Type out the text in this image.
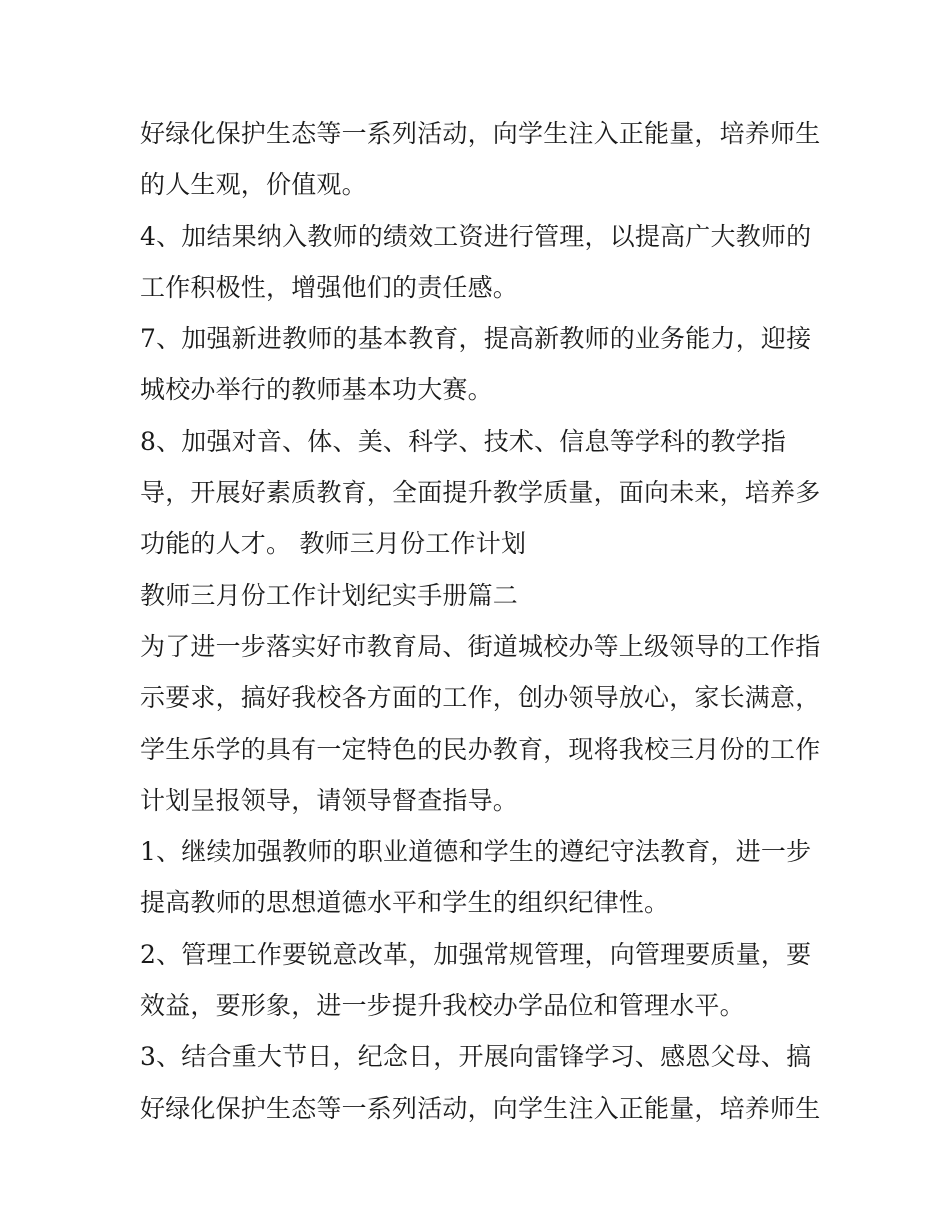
好绿化保护生态等一系列活动，向学生注入正能量，培养师生
的人生观，价值观。
4、加结果纳入教师的绩效工资进行管理，以提高广大教师的
工作积极性，增强他们的责任感。
7、加强新进教师的基本教育，提高新教师的业务能力，迎接
城校办举行的教师基本功大赛。
8、加强对音、体、美、科学、技术、信息等学科的教学指
导，开展好素质教育，全面提升教学质量，面向未来，培养多
功能的人才。 教师三月份工作计划
教师三月份工作计划纪实手册篇二
为了进一步落实好市教育局、街道城校办等上级领导的工作指
示要求，搞好我校各方面的工作，创办领导放心，家长满意，
学生乐学的具有一定特色的民办教育，现将我校三月份的工作
计划呈报领导，请领导督查指导。
1、继续加强教师的职业道德和学生的遵纪守法教育，进一步
提高教师的思想道德水平和学生的组织纪律性。
2、管理工作要锐意改革，加强常规管理，向管理要质量，要
效益，要形象，进一步提升我校办学品位和管理水平。
3、结合重大节日，纪念日，开展向雷锋学习、感恩父母、搞
好绿化保护生态等一系列活动，向学生注入正能量，培养师生
